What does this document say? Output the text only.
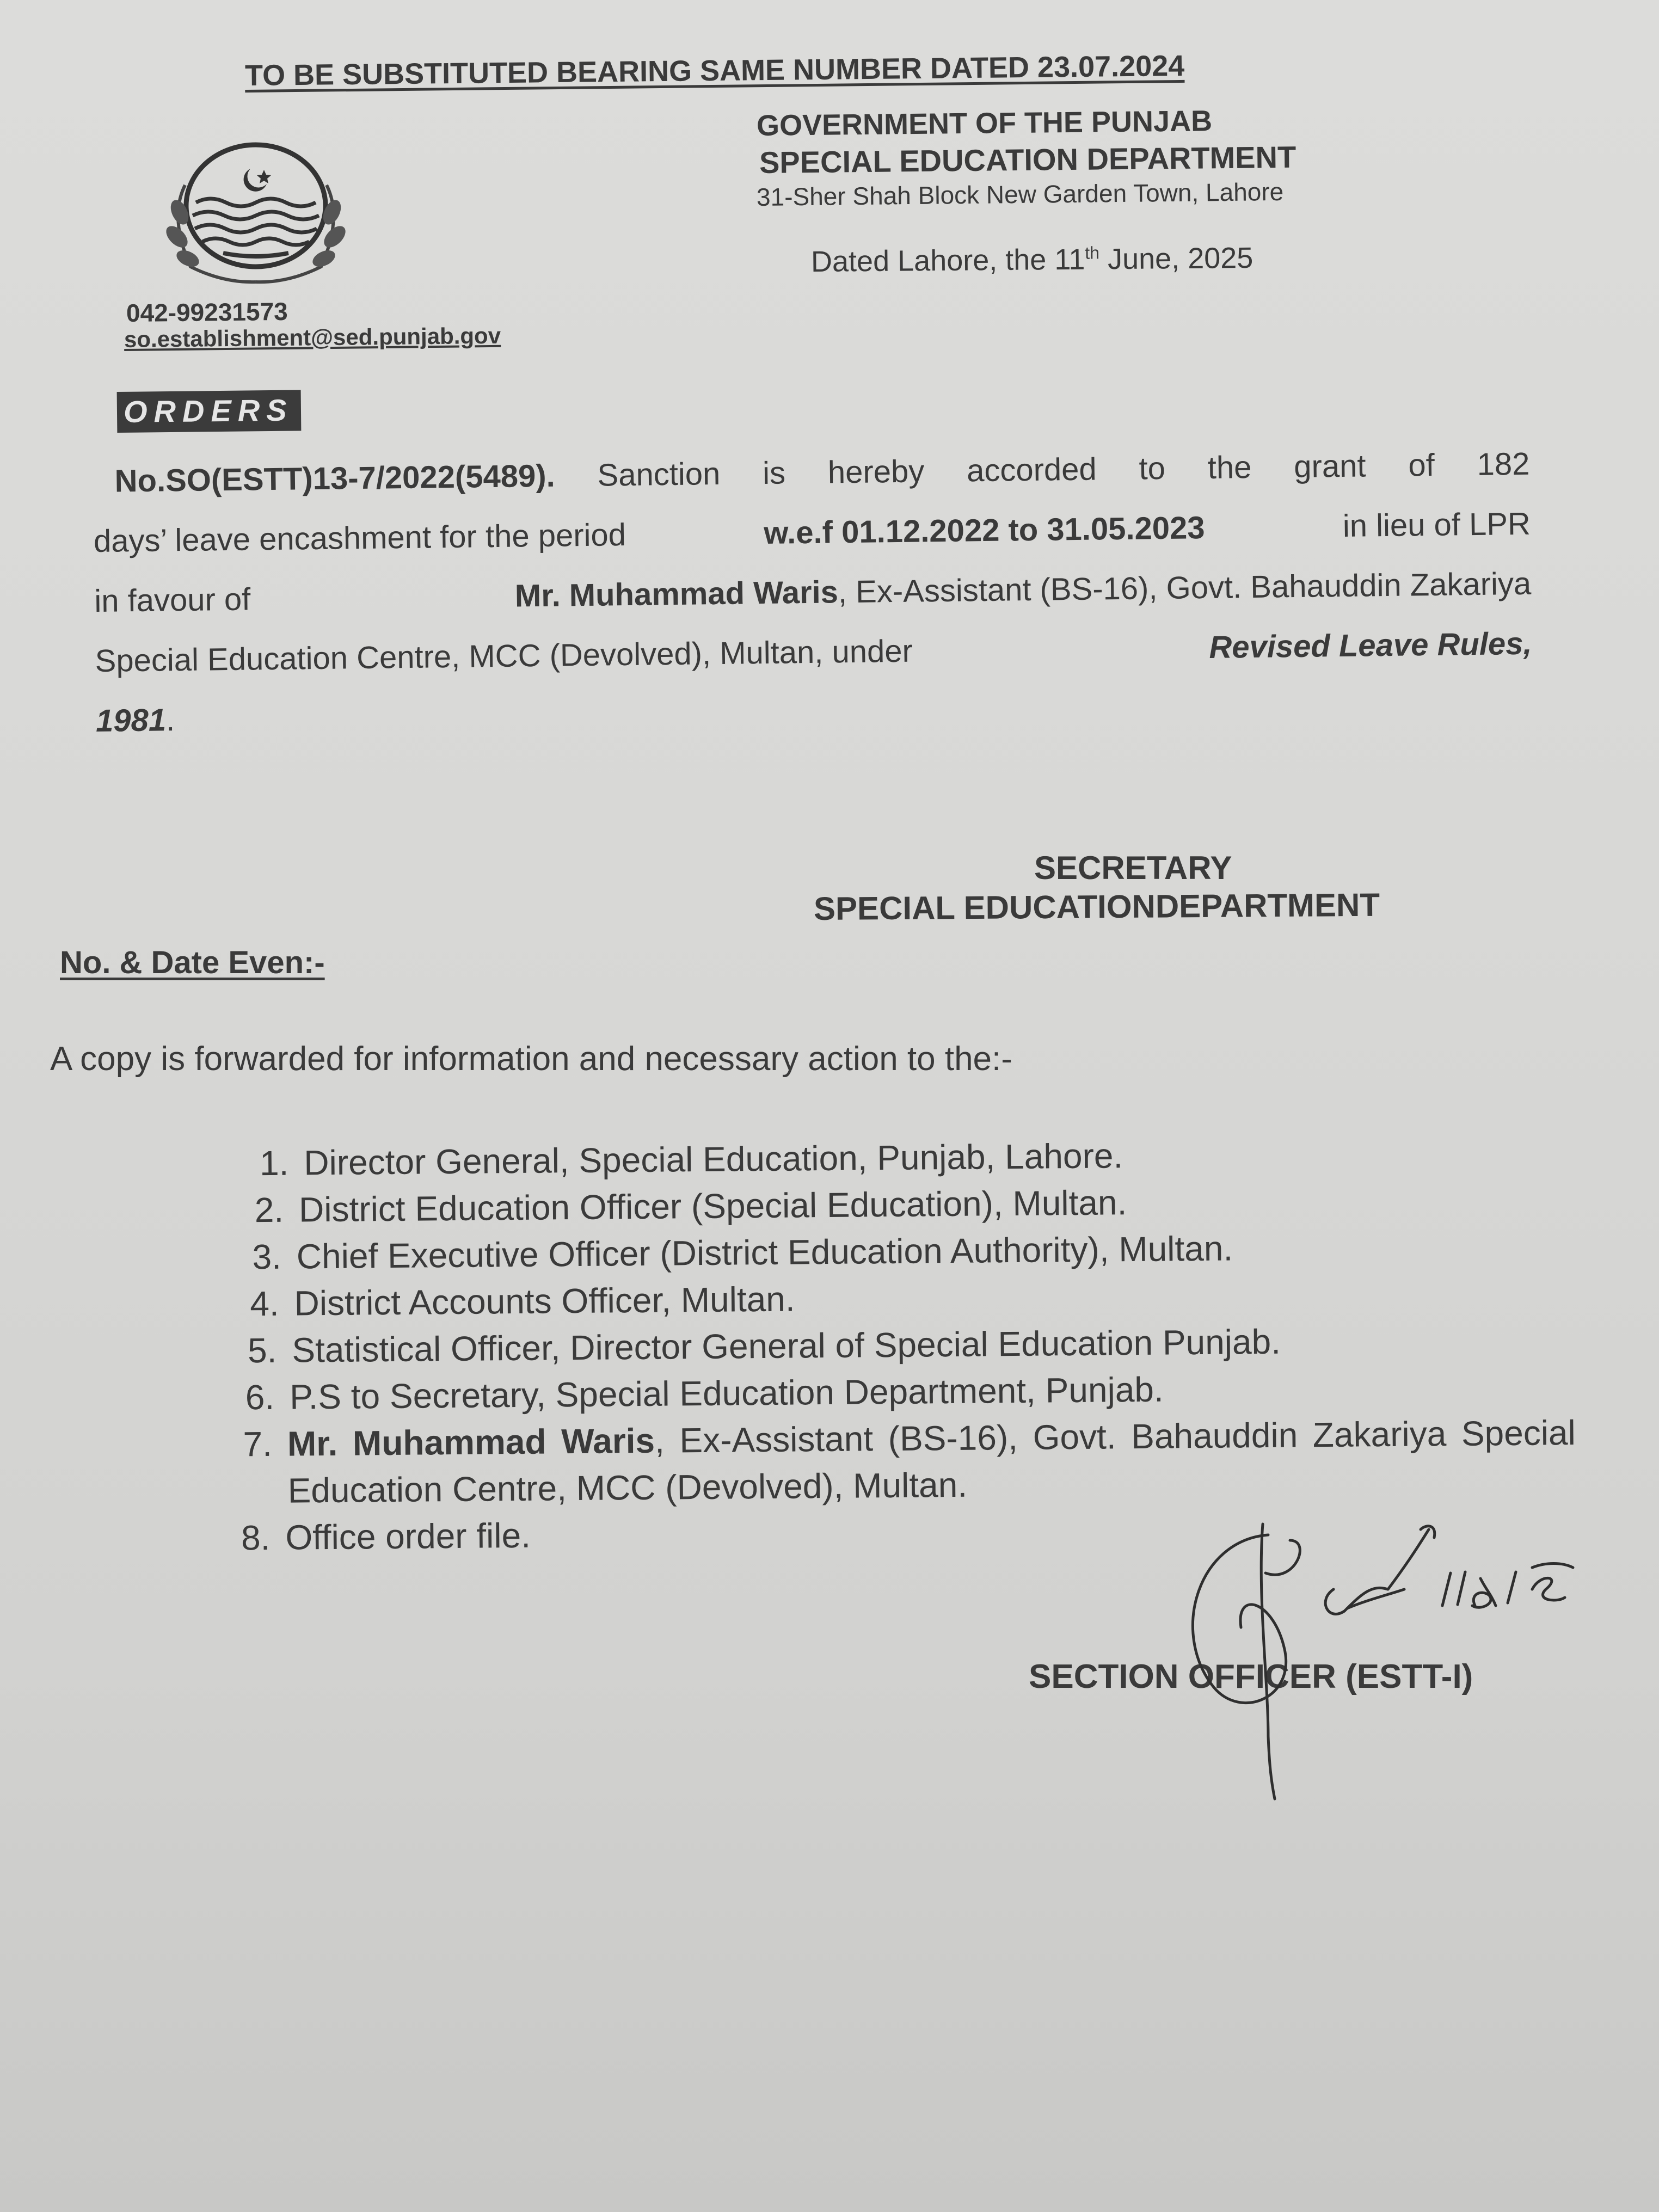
TO BE SUBSTITUTED BEARING SAME NUMBER DATED 23.07.2024
GOVERNMENT OF THE PUNJAB
SPECIAL EDUCATION DEPARTMENT
31-Sher Shah Block New Garden Town, Lahore
Dated Lahore, the 11th June, 2025
042-99231573
so.establishment@sed.punjab.gov
ORDERS
No.SO(ESTT)13-7/2022(5489). Sanction is hereby accorded to the grant of 182
days’ leave encashment for the period	w.e.f 01.12.2022 to 31.05.2023	in lieu of LPR
in favour of	Mr. Muhammad Waris, Ex-Assistant (BS-16), Govt. Bahauddin Zakariya
Special Education Centre, MCC (Devolved), Multan, under	Revised Leave Rules,
1981 .
SECRETARY
SPECIAL EDUCATIONDEPARTMENT
No. & Date Even:-
A copy is forwarded for information and necessary action to the:-
1. Director General, Special Education, Punjab, Lahore.
2. District Education Officer (Special Education), Multan.
3. Chief Executive Officer (District Education Authority), Multan.
4. District Accounts Officer, Multan.
5. Statistical Officer, Director General of Special Education Punjab.
6. P.S to Secretary, Special Education Department, Punjab.
7. Mr. Muhammad Waris, Ex-Assistant (BS-16), Govt. Bahauddin Zakariya Special Education Centre, MCC (Devolved), Multan.
8. Office order file.
SECTION OFFICER (ESTT-I)
